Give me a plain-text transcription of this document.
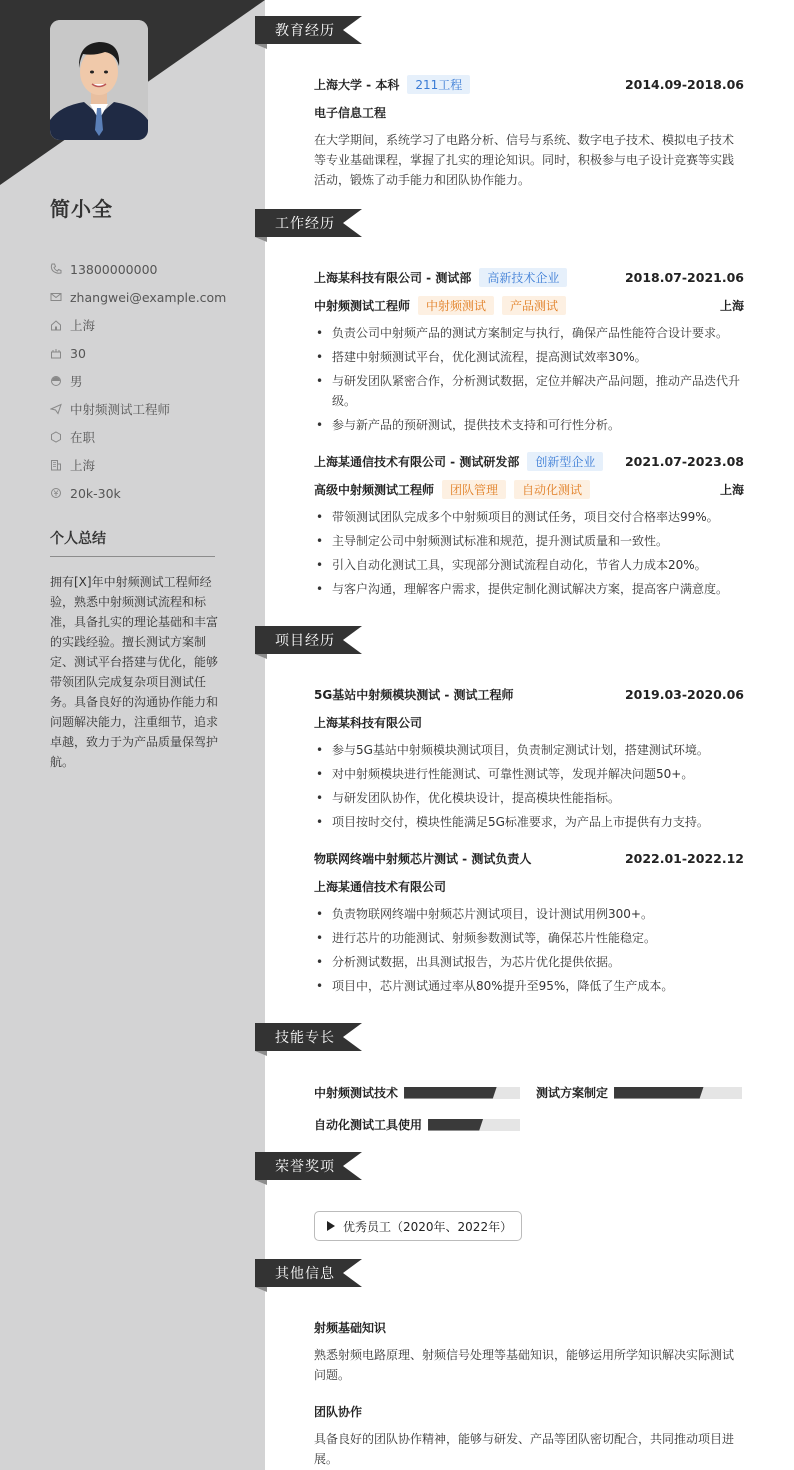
简小全
13800000000
zhangwei@example.com
上海
30
男
中射频测试工程师
在职
上海
20k-30k
个人总结
拥有[X]年中射频测试工程师经验，熟悉中射频测试流程和标准，具备扎实的理论基础和丰富的实践经验。擅长测试方案制定、测试平台搭建与优化，能够带领团队完成复杂项目测试任务。具备良好的沟通协作能力和问题解决能力，注重细节，追求卓越，致力于为产品质量保驾护航。
教育经历
工作经历
项目经历
技能专长
荣誉奖项
其他信息
上海大学 - 本科	211工程	2014.09-2018.06
电子信息工程
在大学期间，系统学习了电路分析、信号与系统、数字电子技术、模拟电子技术等专业基础课程，掌握了扎实的理论知识。同时，积极参与电子设计竞赛等实践活动，锻炼了动手能力和团队协作能力。
上海某科技有限公司 - 测试部	高新技术企业	2018.07-2021.06
中射频测试工程师	中射频测试	产品测试	上海
• 负责公司中射频产品的测试方案制定与执行，确保产品性能符合设计要求。
• 搭建中射频测试平台，优化测试流程，提高测试效率30%。
• 与研发团队紧密合作，分析测试数据，定位并解决产品问题，推动产品迭代升级。
• 参与新产品的预研测试，提供技术支持和可行性分析。
上海某通信技术有限公司 - 测试研发部	创新型企业	2021.07-2023.08
高级中射频测试工程师	团队管理	自动化测试	上海
• 带领测试团队完成多个中射频项目的测试任务，项目交付合格率达99%。
• 主导制定公司中射频测试标准和规范，提升测试质量和一致性。
• 引入自动化测试工具，实现部分测试流程自动化，节省人力成本20%。
• 与客户沟通，理解客户需求，提供定制化测试解决方案，提高客户满意度。
5G基站中射频模块测试 - 测试工程师	2019.03-2020.06
上海某科技有限公司
• 参与5G基站中射频模块测试项目，负责制定测试计划，搭建测试环境。
• 对中射频模块进行性能测试、可靠性测试等，发现并解决问题50+。
• 与研发团队协作，优化模块设计，提高模块性能指标。
• 项目按时交付，模块性能满足5G标准要求，为产品上市提供有力支持。
物联网终端中射频芯片测试 - 测试负责人	2022.01-2022.12
上海某通信技术有限公司
• 负责物联网终端中射频芯片测试项目，设计测试用例300+。
• 进行芯片的功能测试、射频参数测试等，确保芯片性能稳定。
• 分析测试数据，出具测试报告，为芯片优化提供依据。
• 项目中，芯片测试通过率从80%提升至95%，降低了生产成本。
中射频测试技术	测试方案制定
自动化测试工具使用
优秀员工（2020年、2022年）
射频基础知识
熟悉射频电路原理、射频信号处理等基础知识，能够运用所学知识解决实际测试问题。
团队协作
具备良好的团队协作精神，能够与研发、产品等团队密切配合，共同推动项目进展。
